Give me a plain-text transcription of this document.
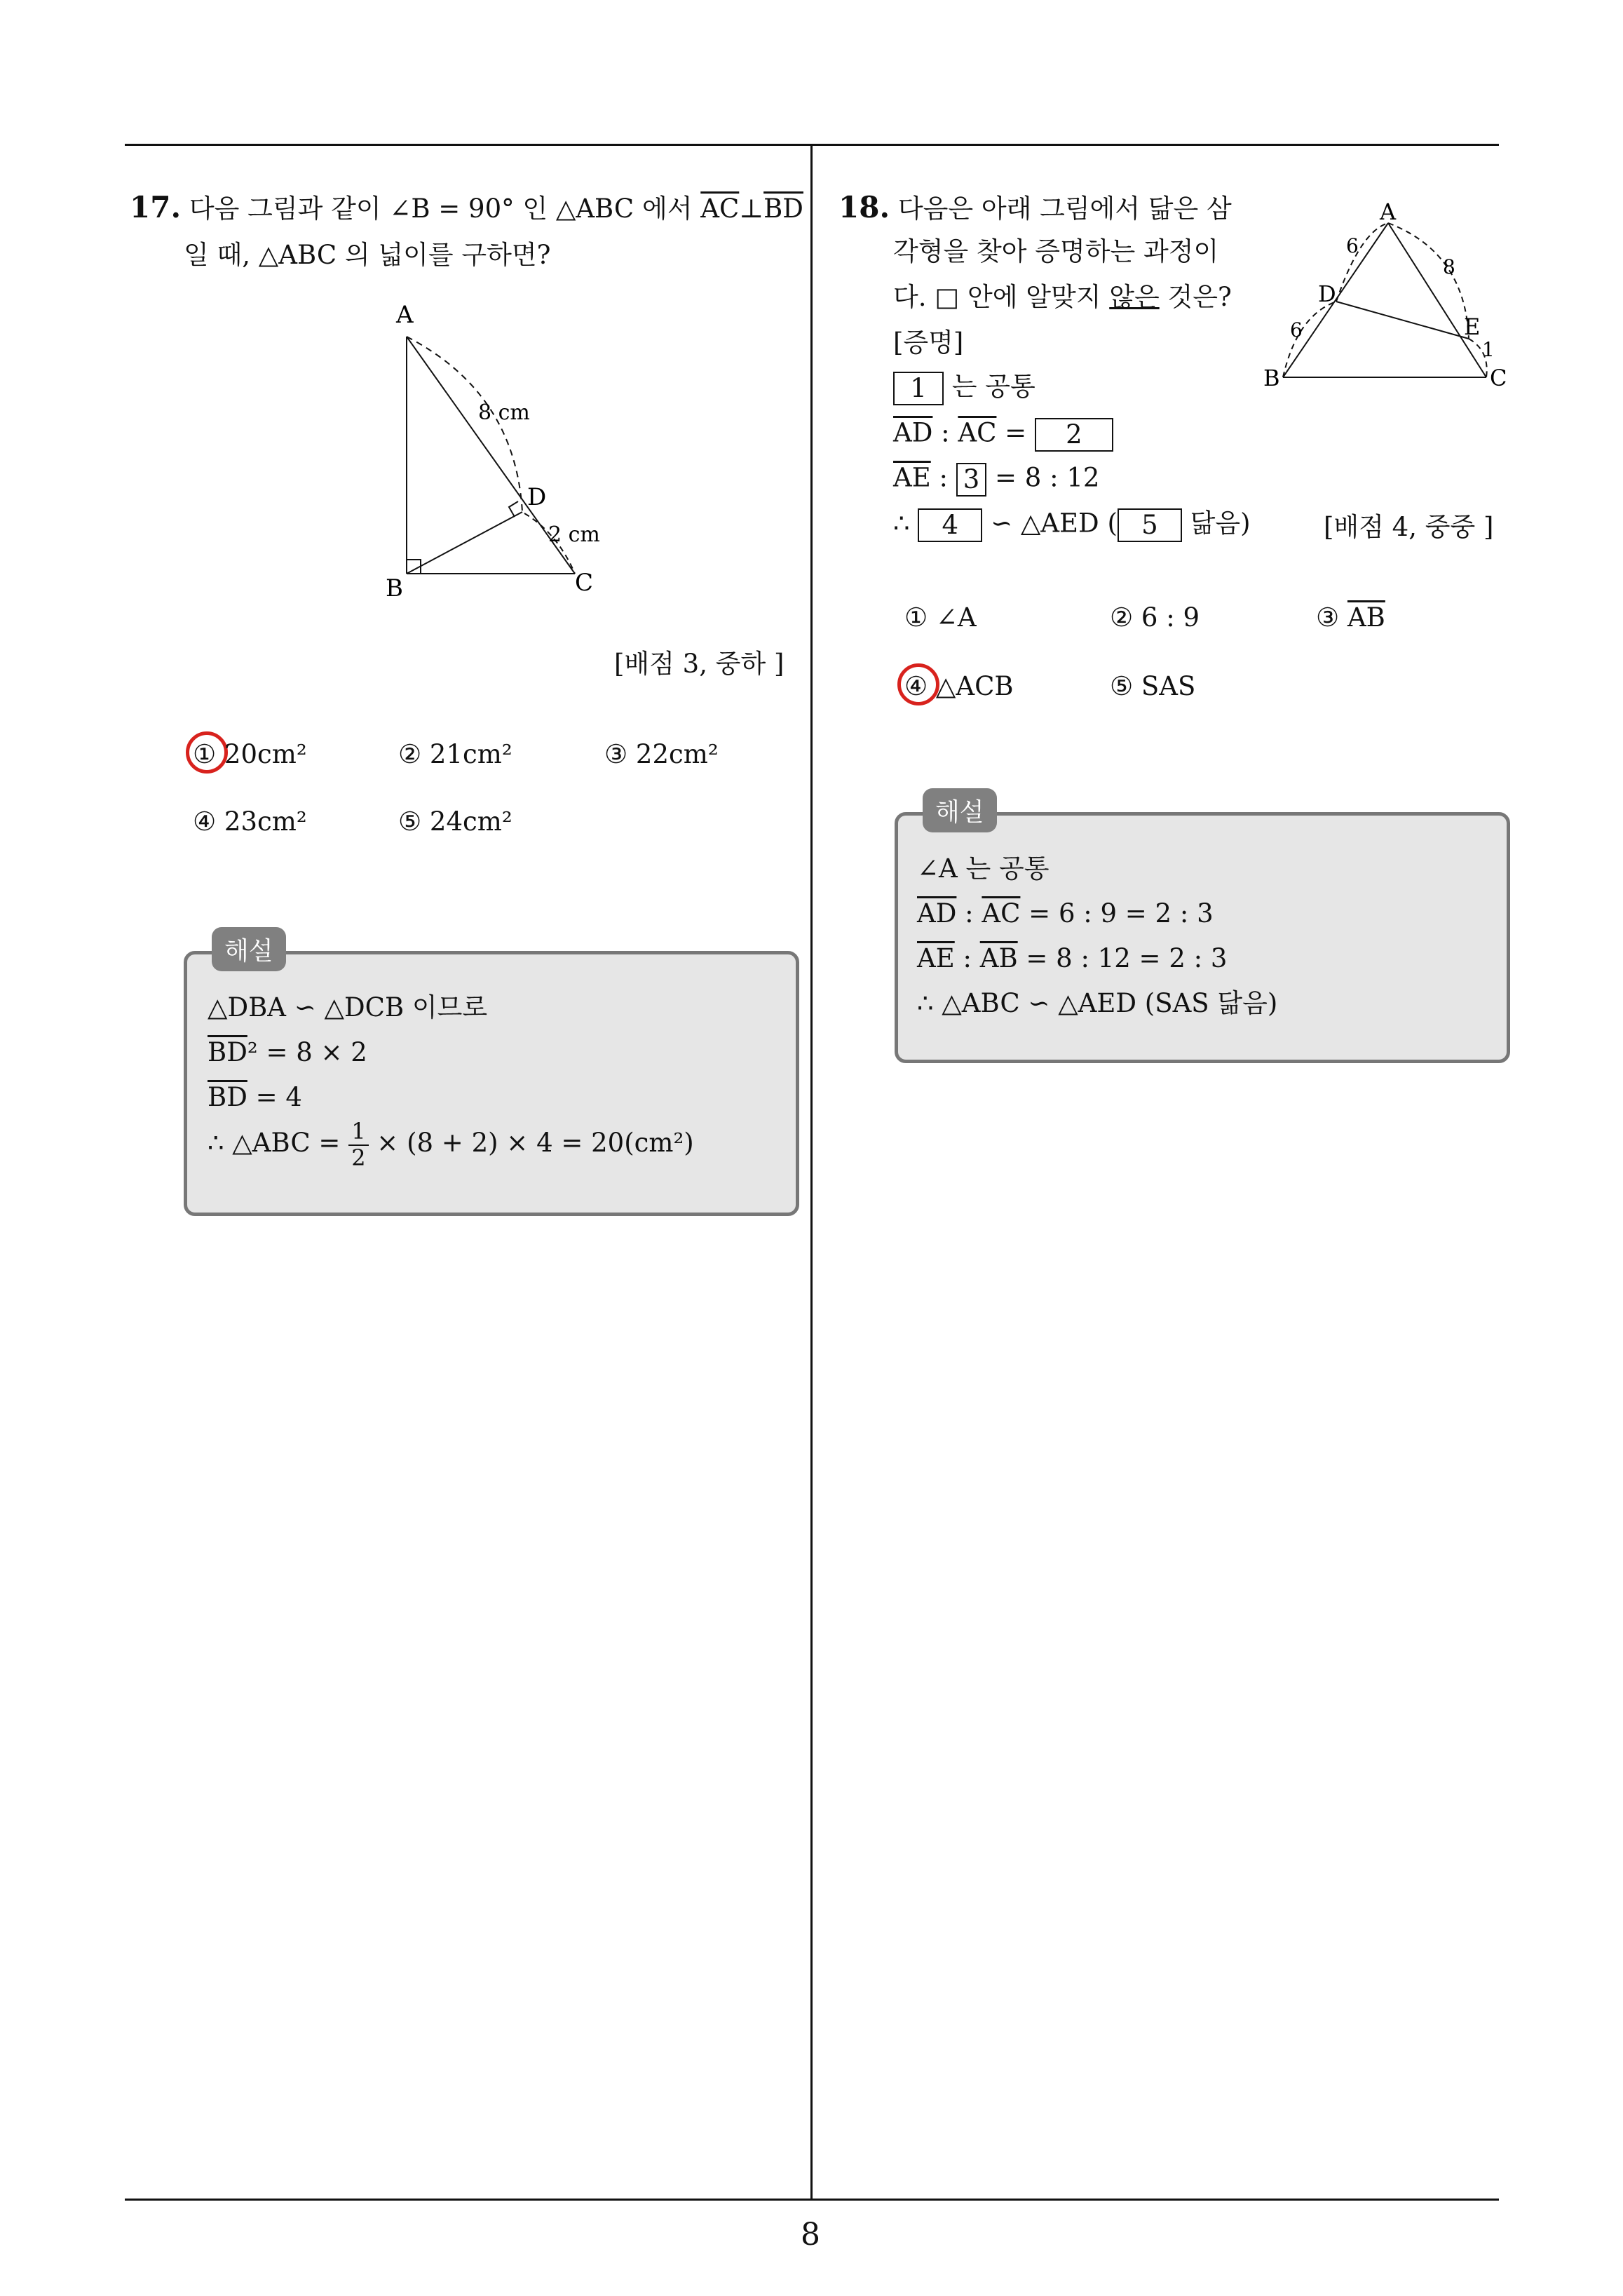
8
17. 다음 그림과 같이 ∠B = 90° 인 △ABC 에서 $\overline{AC}\perp\overline{BD}$
일 때, △ABC 의 넓이를 구하면?
A
B	C
D
8 cm
2 cm
[배점 3, 중하 ]
① 20cm²	② 21cm²	③ 22cm²
④ 23cm²	⑤ 24cm²
해설
△DBA ∽ △DCB 이므로
$\overline{BD}^2 = 8 \times 2$
$\overline{BD} = 4$
∴ △ABC = $\frac{1}{2} \times (8 + 2) \times 4 = 20(cm^2)$
18. 다음은 아래 그림에서 닮은 삼
각형을 찾아 증명하는 과정이
다. □ 안에 알맞지 않은 것은?
[증명]
1 는 공통
$\overline{AD}$ : $\overline{AC} = 2$
$\overline{AE}$ : 3 = 8 : 12
∴ 4 ∽ △AED ( 5 닮음)	[배점 4, 중중 ]
A
B	C
D
E
6
6
8
1
① ∠A	② 6 : 9	③ $\overline{AB}$
④ △ACB	⑤ SAS
해설
∠A 는 공통
$\overline{AD}$ : $\overline{AC} = 6$ : 9 = 2 : 3
$\overline{AE}$ : $\overline{AB} = 8$ : 12 = 2 : 3
∴ △ABC ∽ △AED (SAS 닮음)
